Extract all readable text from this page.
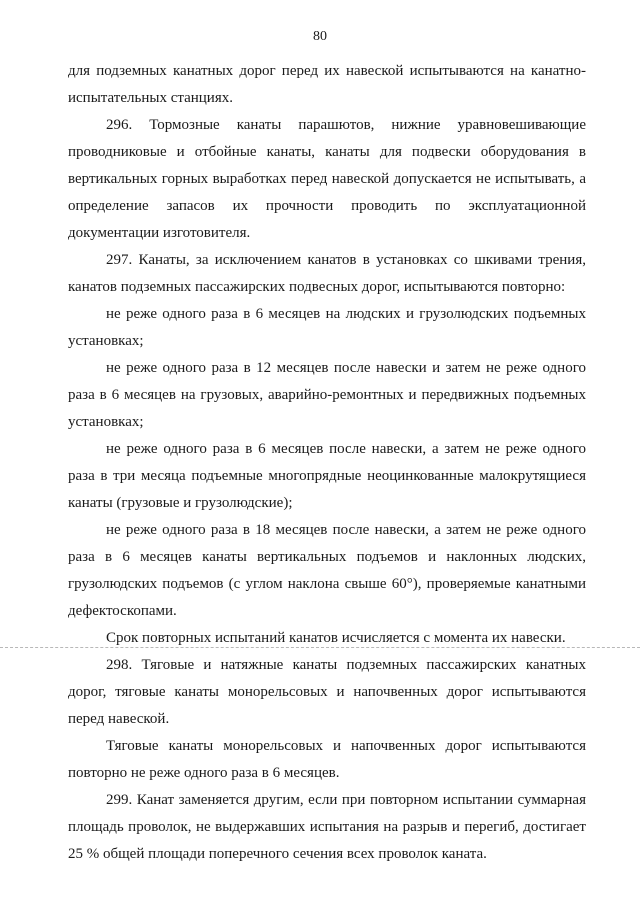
80

для подземных канатных дорог перед их навеской испытываются на канатно-испытательных станциях.

296. Тормозные канаты парашютов, нижние уравновешивающие проводниковые и отбойные канаты, канаты для подвески оборудования в вертикальных горных выработках перед навеской допускается не испытывать, а определение запасов их прочности проводить по эксплуатационной документации изготовителя.

297. Канаты, за исключением канатов в установках со шкивами трения, канатов подземных пассажирских подвесных дорог, испытываются повторно:

не реже одного раза в 6 месяцев на людских и грузолюдских подъемных установках;

не реже одного раза в 12 месяцев после навески и затем не реже одного раза в 6 месяцев на грузовых, аварийно-ремонтных и передвижных подъемных установках;

не реже одного раза в 6 месяцев после навески, а затем не реже одного раза в три месяца подъемные многопрядные неоцинкованные малокрутящиеся канаты (грузовые и грузолюдские);

не реже одного раза в 18 месяцев после навески, а затем не реже одного раза в 6 месяцев канаты вертикальных подъемов и наклонных людских, грузолюдских подъемов (с углом наклона свыше 60°), проверяемые канатными дефектоскопами.

Срок повторных испытаний канатов исчисляется с момента их навески.

298. Тяговые и натяжные канаты подземных пассажирских канатных дорог, тяговые канаты монорельсовых и напочвенных дорог испытываются перед навеской.

Тяговые канаты монорельсовых и напочвенных дорог испытываются повторно не реже одного раза в 6 месяцев.

299. Канат заменяется другим, если при повторном испытании суммарная площадь проволок, не выдержавших испытания на разрыв и перегиб, достигает 25 % общей площади поперечного сечения всех проволок каната.
